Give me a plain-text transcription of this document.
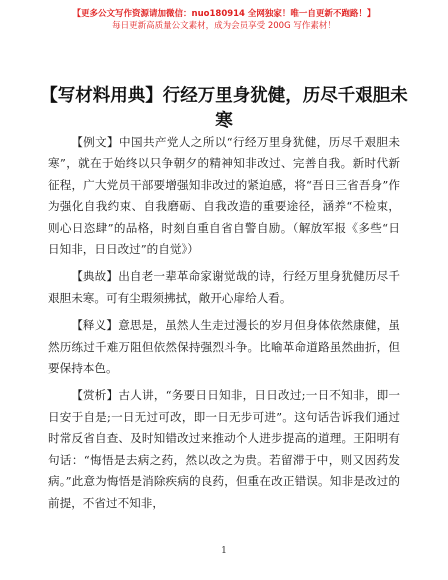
【更多公文写作资源请加微信：nuo180914 全网独家！唯一自更新不跑路！】
每日更新高质量公文素材，成为会员享受 200G 写作素材！
【写材料用典】行经万里身犹健，历尽千艰胆未寒

【例文】中国共产党人之所以“行经万里身犹健，历尽千艰胆未寒”，就在于始终以只争朝夕的精神知非改过、完善自我。新时代新征程，广大党员干部要增强知非改过的紧迫感，将“吾日三省吾身”作为强化自我约束、自我磨砺、自我改造的重要途径，涵养“不检束，则心日恣肆”的品格，时刻自重自省自警自励。（解放军报《多些“日日知非，日日改过”的自觉》）

【典故】出自老一辈革命家谢觉哉的诗，行经万里身犹健历尽千艰胆未寒。可有尘瑕须拂拭，敞开心扉给人看。

【释义】意思是，虽然人生走过漫长的岁月但身体依然康健，虽然历练过千难万阻但依然保持强烈斗争。比喻革命道路虽然曲折，但要保持本色。

【赏析】古人讲，“务要日日知非，日日改过;一日不知非，即一日安于自是;一日无过可改，即一日无步可进”。这句话告诉我们通过时常反省自查、及时知错改过来推动个人进步提高的道理。王阳明有句话：“悔悟是去病之药，然以改之为贵。若留滞于中，则又因药发病。”此意为悔悟是消除疾病的良药，但重在改正错误。知非是改过的前提，不省过不知非，

1
